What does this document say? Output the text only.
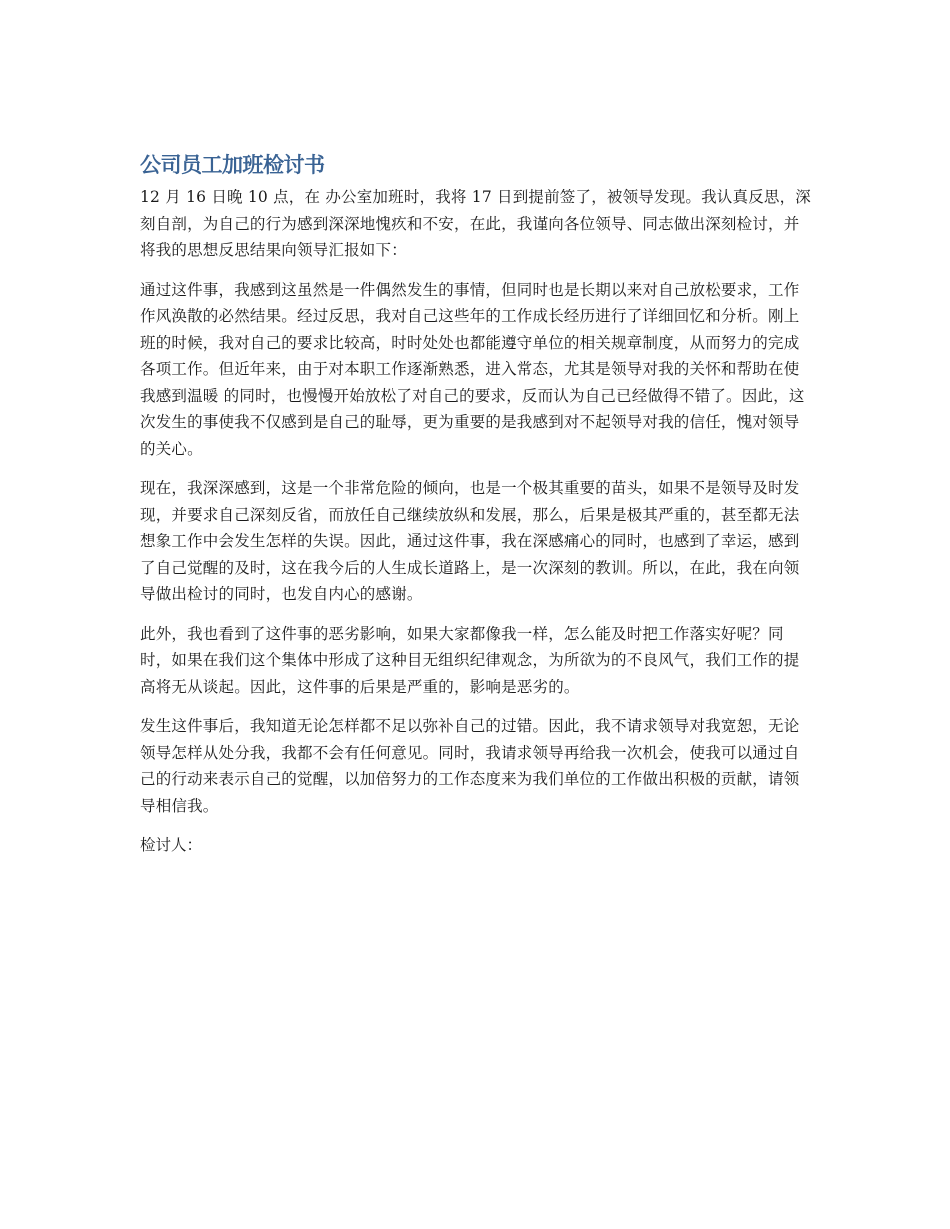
公司员工加班检讨书

12 月 16 日晚 10 点，在 办公室加班时，我将 17 日到提前签了，被领导发现。我认真反思，深刻自剖，为自己的行为感到深深地愧疚和不安，在此，我谨向各位领导、同志做出深刻检讨，并将我的思想反思结果向领导汇报如下：

通过这件事，我感到这虽然是一件偶然发生的事情，但同时也是长期以来对自己放松要求，工作作风涣散的必然结果。经过反思，我对自己这些年的工作成长经历进行了详细回忆和分析。刚上班的时候，我对自己的要求比较高，时时处处也都能遵守单位的相关规章制度，从而努力的完成各项工作。但近年来，由于对本职工作逐渐熟悉，进入常态，尤其是领导对我的关怀和帮助在使我感到温暖 的同时，也慢慢开始放松了对自己的要求，反而认为自己已经做得不错了。因此，这次发生的事使我不仅感到是自己的耻辱，更为重要的是我感到对不起领导对我的信任，愧对领导的关心。

现在，我深深感到，这是一个非常危险的倾向，也是一个极其重要的苗头，如果不是领导及时发现，并要求自己深刻反省，而放任自己继续放纵和发展，那么，后果是极其严重的，甚至都无法想象工作中会发生怎样的失误。因此，通过这件事，我在深感痛心的同时，也感到了幸运，感到了自己觉醒的及时，这在我今后的人生成长道路上，是一次深刻的教训。所以，在此，我在向领导做出检讨的同时，也发自内心的感谢。

此外，我也看到了这件事的恶劣影响，如果大家都像我一样，怎么能及时把工作落实好呢？同时，如果在我们这个集体中形成了这种目无组织纪律观念，为所欲为的不良风气，我们工作的提高将无从谈起。因此，这件事的后果是严重的，影响是恶劣的。

发生这件事后，我知道无论怎样都不足以弥补自己的过错。因此，我不请求领导对我宽恕，无论领导怎样从处分我，我都不会有任何意见。同时，我请求领导再给我一次机会，使我可以通过自己的行动来表示自己的觉醒，以加倍努力的工作态度来为我们单位的工作做出积极的贡献，请领导相信我。

检讨人：
